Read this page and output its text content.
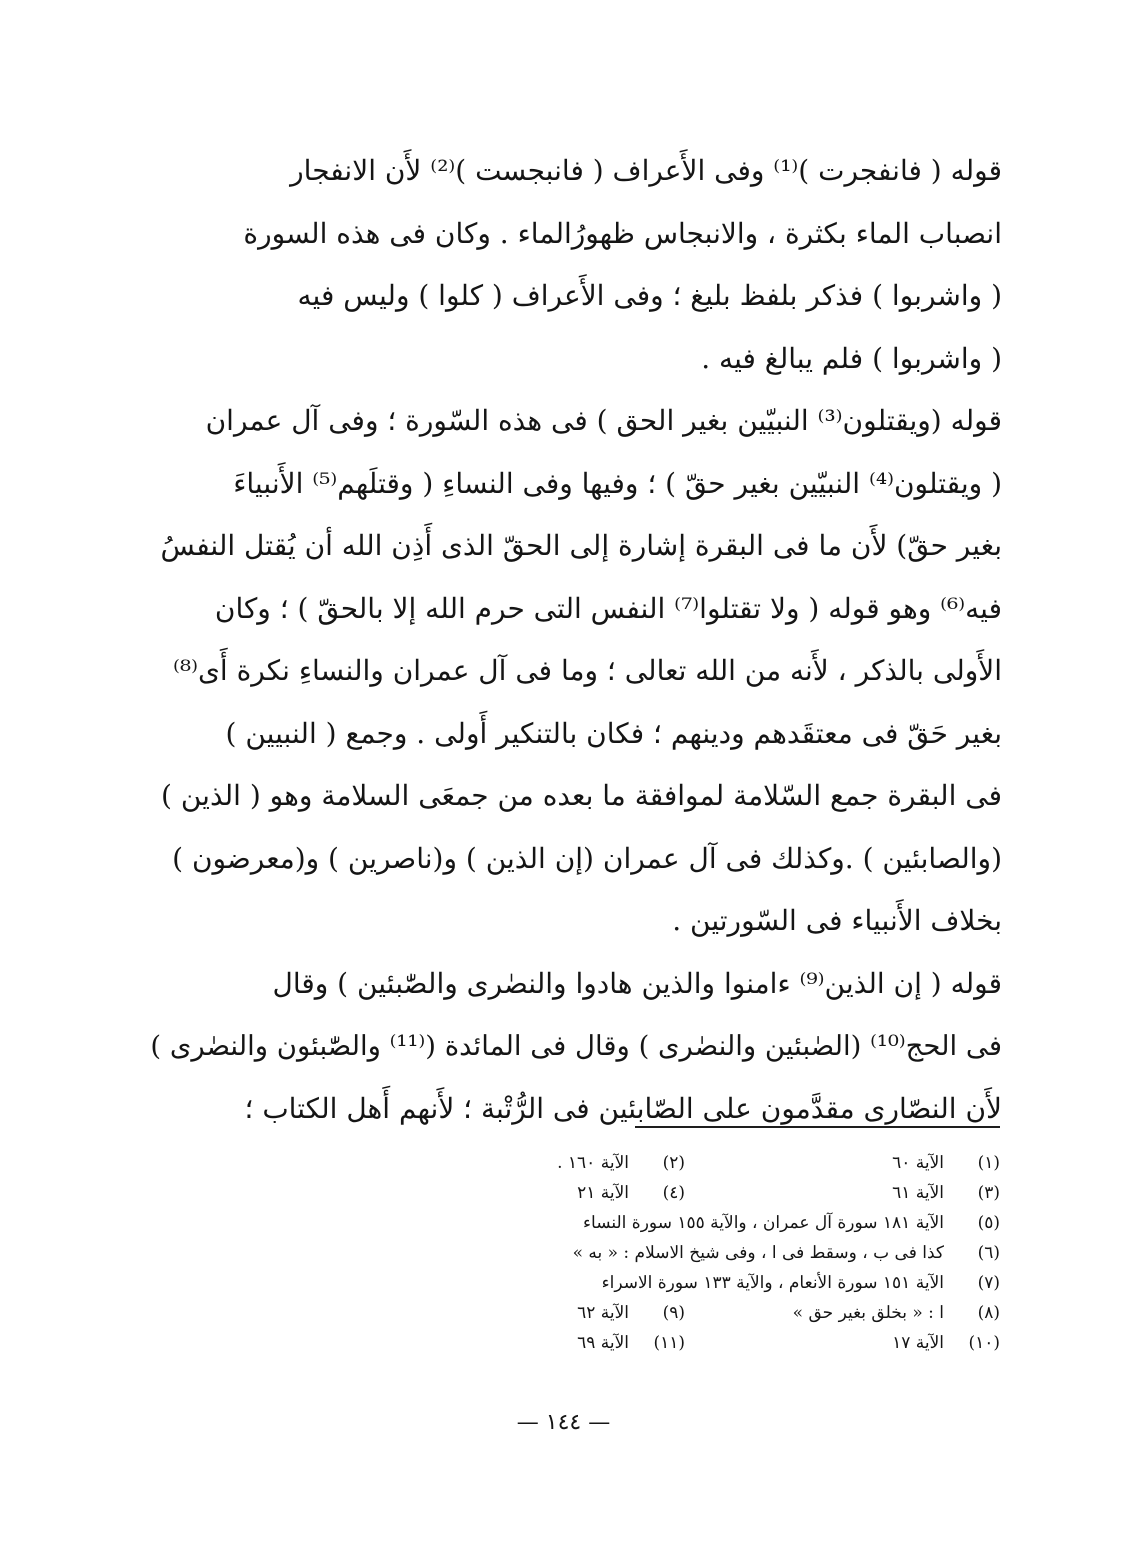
قوله ( فانفجرت )⁽¹⁾ وفى الأَعراف ( فانبجست )⁽²⁾ لأَن الانفجار
انصباب الماء بكثرة ، والانبجاس ظهورُالماء . وكان فى هذه السورة
( واشربوا ) فذكر بلفظ بليغ ؛ وفى الأَعراف ( كلوا ) وليس فيه
( واشربوا ) فلم يبالغ فيه .
قوله (ويقتلون⁽³⁾ النبيّين بغير الحق ) فى هذه السّورة ؛ وفى آل عمران
( ويقتلون⁽⁴⁾ النبيّين بغير حقّ ) ؛ وفيها وفى النساءِ ( وقتلَهم⁽⁵⁾ الأَنبياءَ
بغير حقّ) لأَن ما فى البقرة إشارة إلى الحقّ الذى أَذِن الله أن يُقتل النفسُ
فيه⁽⁶⁾ وهو قوله ( ولا تقتلوا⁽⁷⁾ النفس التى حرم الله إلا بالحقّ ) ؛ وكان
الأَولى بالذكر ، لأَنه من الله تعالى ؛ وما فى آل عمران والنساءِ نكرة أَى⁽⁸⁾
بغير حَقّ فى معتقَدهم ودينهم ؛ فكان بالتنكير أَولى . وجمع ( النبيين )
فى البقرة جمع السّلامة لموافقة ما بعده من جمعَى السلامة وهو ( الذين )
(والصابئين ) .وكذلك فى آل عمران (إن الذين ) و(ناصرين ) و(معرضون )
بخلاف الأَنبياء فى السّورتين .
قوله ( إن الذين⁽⁹⁾ ءامنوا والذين هادوا والنصٰرى والصّٰبئين ) وقال
فى الحج⁽¹⁰⁾ (الصٰبئين والنصٰرى ) وقال فى المائدة (⁽¹¹⁾ والصّٰبئون والنصٰرى )
لأَن النصّارى مقدَّمون على الصّابئين فى الرُّتْبة ؛ لأَنهم أَهل الكتاب ؛
(١)
الآية ٦٠
(٢)
الآية ١٦٠ .
(٣)
الآية ٦١
(٤)
الآية ٢١
(٥)
الآية ١٨١ سورة آل عمران ، والآية ١٥٥ سورة النساء
(٦)
كذا فى ب ، وسقط فى ا ، وفى شيخ الاسلام : « به »
(٧)
الآية ١٥١ سورة الأنعام ، والآية ١٣٣ سورة الاسراء
(٨)
ا : « بخلق بغير حق »
(٩)
الآية ٦٢
(١٠)
الآية ١٧
(١١)
الآية ٦٩
— ١٤٤ —
